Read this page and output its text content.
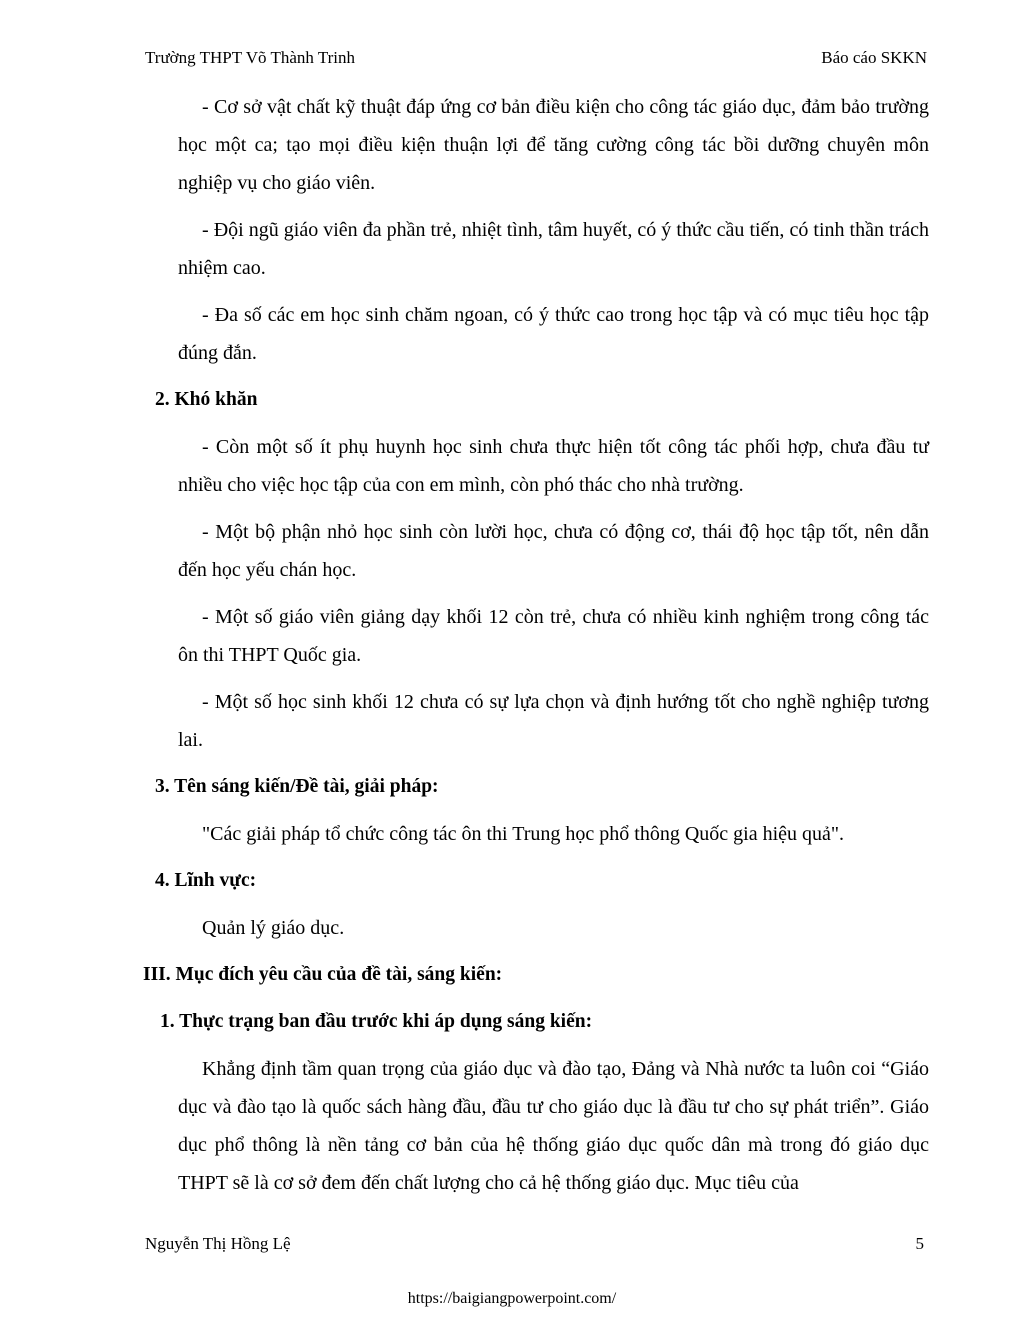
Trường THPT Võ Thành Trinh	Báo cáo SKKN

- Cơ sở vật chất kỹ thuật đáp ứng cơ bản điều kiện cho công tác giáo dục, đảm bảo trường học một ca; tạo mọi điều kiện thuận lợi để tăng cường công tác bồi dưỡng chuyên môn nghiệp vụ cho giáo viên.

- Đội ngũ giáo viên đa phần trẻ, nhiệt tình, tâm huyết, có ý thức cầu tiến, có tinh thần trách nhiệm cao.

- Đa số các em học sinh chăm ngoan, có ý thức cao trong học tập và có mục tiêu học tập đúng đắn.

2. Khó khăn

- Còn một số ít phụ huynh học sinh chưa thực hiện tốt công tác phối hợp, chưa đầu tư nhiều cho việc học tập của con em mình, còn phó thác cho nhà trường.

- Một bộ phận nhỏ học sinh còn lười học, chưa có động cơ, thái độ học tập tốt, nên dẫn đến học yếu chán học.

- Một số giáo viên giảng dạy khối 12 còn trẻ, chưa có nhiều kinh nghiệm trong công tác ôn thi THPT Quốc gia.

- Một số học sinh khối 12 chưa có sự lựa chọn và định hướng tốt cho nghề nghiệp tương lai.

3. Tên sáng kiến/Đề tài, giải pháp:
"Các giải pháp tổ chức công tác ôn thi Trung học phổ thông Quốc gia hiệu quả".
4. Lĩnh vực:
Quản lý giáo dục.
III. Mục đích yêu cầu của đề tài, sáng kiến:
1. Thực trạng ban đầu trước khi áp dụng sáng kiến:

Khẳng định tầm quan trọng của giáo dục và đào tạo, Đảng và Nhà nước ta luôn coi “Giáo dục và đào tạo là quốc sách hàng đầu, đầu tư cho giáo dục là đầu tư cho sự phát triển”. Giáo dục phổ thông là nền tảng cơ bản của hệ thống giáo dục quốc dân mà trong đó giáo dục THPT sẽ là cơ sở đem đến chất lượng cho cả hệ thống giáo dục. Mục tiêu của

Nguyễn Thị Hồng Lệ	5
https://baigiangpowerpoint.com/
